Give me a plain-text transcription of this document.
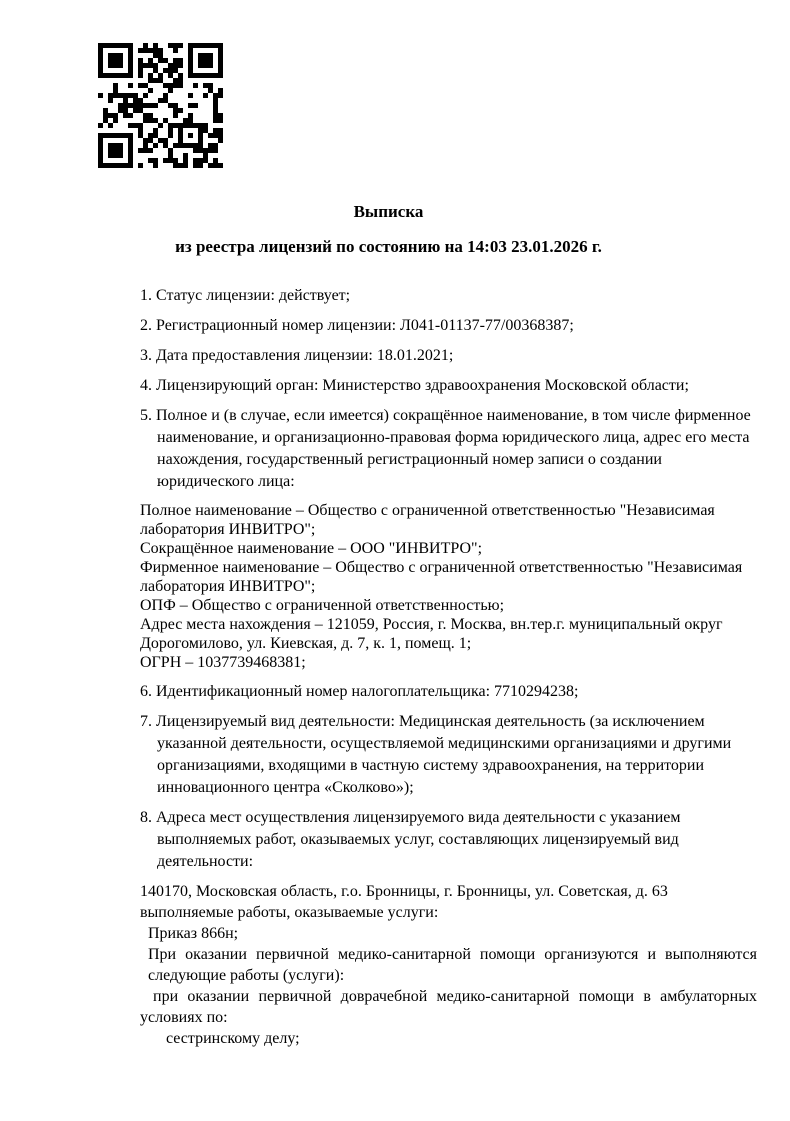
Выписка
из реестра лицензий по состоянию на 14:03 23.01.2026 г.

1. Статус лицензии: действует;

2. Регистрационный номер лицензии: Л041-01137-77/00368387;

3. Дата предоставления лицензии: 18.01.2021;

4. Лицензирующий орган: Министерство здравоохранения Московской области;

5. Полное и (в случае, если имеется) сокращённое наименование, в том числе фирменное наименование, и организационно-правовая форма юридического лица, адрес его места нахождения, государственный регистрационный номер записи о создании юридического лица:

Полное наименование – Общество с ограниченной ответственностью "Независимая лаборатория ИНВИТРО";
Сокращённое наименование – ООО "ИНВИТРО";
Фирменное наименование – Общество с ограниченной ответственностью "Независимая лаборатория ИНВИТРО";
ОПФ – Общество с ограниченной ответственностью;
Адрес места нахождения – 121059, Россия, г. Москва, вн.тер.г. муниципальный округ Дорогомилово, ул. Киевская, д. 7, к. 1, помещ. 1;
ОГРН – 1037739468381;

6. Идентификационный номер налогоплательщика: 7710294238;

7. Лицензируемый вид деятельности: Медицинская деятельность (за исключением указанной деятельности, осуществляемой медицинскими организациями и другими организациями, входящими в частную систему здравоохранения, на территории инновационного центра «Сколково»);

8. Адреса мест осуществления лицензируемого вида деятельности с указанием выполняемых работ, оказываемых услуг, составляющих лицензируемый вид деятельности:

140170, Московская область, г.о. Бронницы, г. Бронницы, ул. Советская, д. 63

выполняемые работы, оказываемые услуги:

Приказ 866н;

При оказании первичной медико-санитарной помощи организуются и выполняются следующие работы (услуги):

при оказании первичной доврачебной медико-санитарной помощи в амбулаторных условиях по:

сестринскому делу;
